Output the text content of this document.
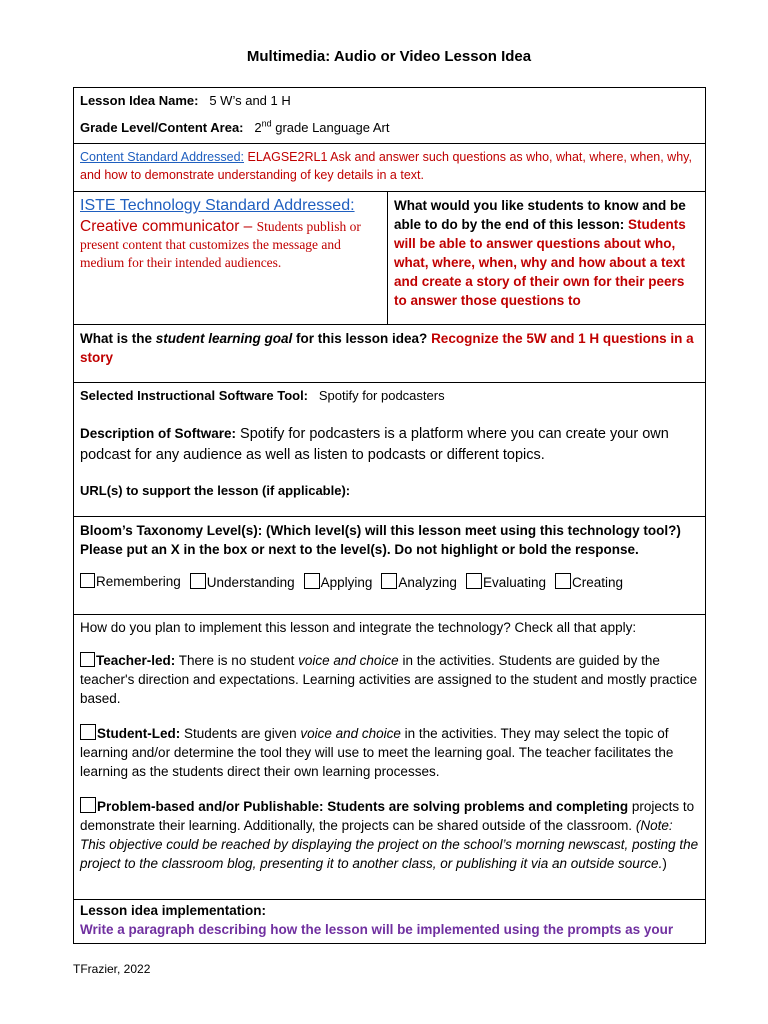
Multimedia: Audio or Video Lesson Idea
Lesson Idea Name: 5 W’s and 1 H
Grade Level/Content Area: 2nd grade Language Art

Content Standard Addressed: ELAGSE2RL1 Ask and answer such questions as who, what, where, when, why, and how to demonstrate understanding of key details in a text.

ISTE Technology Standard Addressed:
Creative communicator – Students publish or present content that customizes the message and medium for their intended audiences.

What would you like students to know and be able to do by the end of this lesson: Students will be able to answer questions about who, what, where, when, why and how about a text and create a story of their own for their peers to answer those questions to

What is the student learning goal for this lesson idea? Recognize the 5W and 1 H questions in a story

Selected Instructional Software Tool: Spotify for podcasters
Description of Software: Spotify for podcasters is a platform where you can create your own podcast for any audience as well as listen to podcasts or different topics.
URL(s) to support the lesson (if applicable):

Bloom’s Taxonomy Level(s): (Which level(s) will this lesson meet using this technology tool?) Please put an X in the box or next to the level(s). Do not highlight or bold the response.
Remembering	Understanding	Applying	Analyzing	Evaluating	Creating

How do you plan to implement this lesson and integrate the technology? Check all that apply:
Teacher-led: There is no student voice and choice in the activities. Students are guided by the teacher's direction and expectations. Learning activities are assigned to the student and mostly practice based.
Student-Led: Students are given voice and choice in the activities. They may select the topic of learning and/or determine the tool they will use to meet the learning goal. The teacher facilitates the learning as the students direct their own learning processes.
Problem-based and/or Publishable: Students are solving problems and completing projects to demonstrate their learning. Additionally, the projects can be shared outside of the classroom. (Note: This objective could be reached by displaying the project on the school’s morning newscast, posting the project to the classroom blog, presenting it to another class, or publishing it via an outside source.)

Lesson idea implementation:
Write a paragraph describing how the lesson will be implemented using the prompts as your
TFrazier, 2022
